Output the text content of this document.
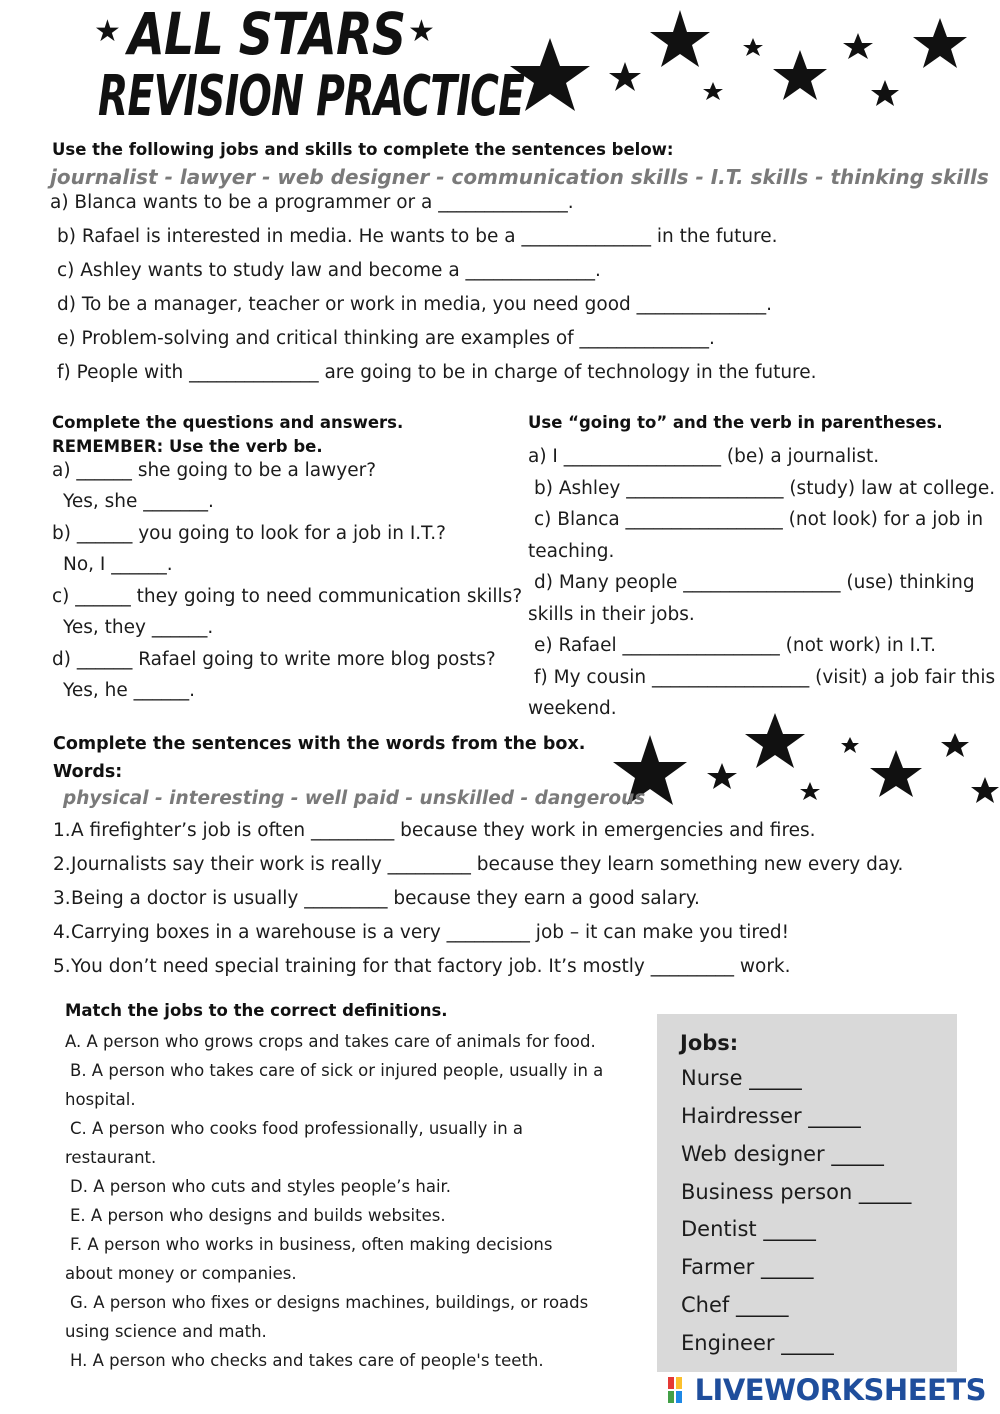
★ ALL STARS ★
REVISION PRACTICE
Use the following jobs and skills to complete the sentences below:
journalist - lawyer - web designer - communication skills - I.T. skills - thinking skills
a) Blanca wants to be a programmer or a ______________.
b) Rafael is interested in media. He wants to be a ______________ in the future.
c) Ashley wants to study law and become a ______________.
d) To be a manager, teacher or work in media, you need good ______________.
e) Problem-solving and critical thinking are examples of ______________.
f) People with ______________ are going to be in charge of technology in the future.
Complete the questions and answers.
REMEMBER: Use the verb be.
a) ______ she going to be a lawyer?
Yes, she _______.
b) ______ you going to look for a job in I.T.?
No, I ______.
c) ______ they going to need communication skills?
Yes, they ______.
d) ______ Rafael going to write more blog posts?
Yes, he ______.
Use “going to” and the verb in parentheses.
a) I _________________ (be) a journalist.
b) Ashley _________________ (study) law at college.
c) Blanca _________________ (not look) for a job in
teaching.
d) Many people _________________ (use) thinking
skills in their jobs.
e) Rafael _________________ (not work) in I.T.
f) My cousin _________________ (visit) a job fair this
weekend.
Complete the sentences with the words from the box.
Words:
physical - interesting - well paid - unskilled - dangerous
1.A firefighter’s job is often _________ because they work in emergencies and fires.
2.Journalists say their work is really _________ because they learn something new every day.
3.Being a doctor is usually _________ because they earn a good salary.
4.Carrying boxes in a warehouse is a very _________ job – it can make you tired!
5.You don’t need special training for that factory job. It’s mostly _________ work.
Match the jobs to the correct definitions.
A. A person who grows crops and takes care of animals for food.
B. A person who takes care of sick or injured people, usually in a
hospital.
C. A person who cooks food professionally, usually in a
restaurant.
D. A person who cuts and styles people’s hair.
E. A person who designs and builds websites.
F. A person who works in business, often making decisions
about money or companies.
G. A person who fixes or designs machines, buildings, or roads
using science and math.
H. A person who checks and takes care of people's teeth.
Jobs:
Nurse _____
Hairdresser _____
Web designer _____
Business person _____
Dentist _____
Farmer _____
Chef _____
Engineer _____
LIVEWORKSHEETS
